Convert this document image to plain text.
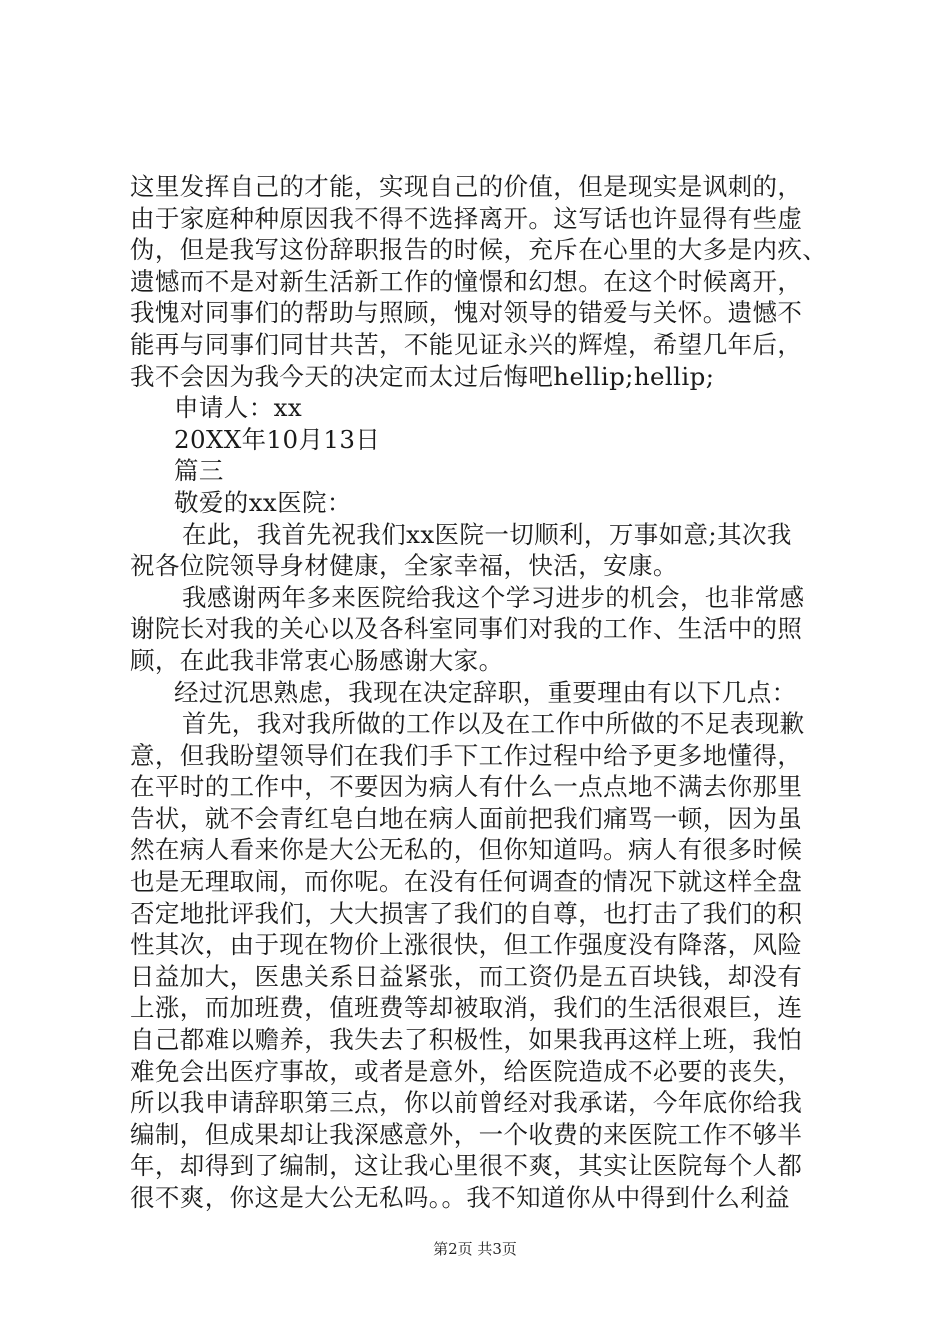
这里发挥自己的才能，实现自己的价值，但是现实是讽刺的，
由于家庭种种原因我不得不选择离开。这写话也许显得有些虚
伪，但是我写这份辞职报告的时候，充斥在心里的大多是内疚、
遗憾而不是对新生活新工作的憧憬和幻想。在这个时候离开，
我愧对同事们的帮助与照顾，愧对领导的错爱与关怀。遗憾不
能再与同事们同甘共苦，不能见证永兴的辉煌，希望几年后，
我不会因为我今天的决定而太过后悔吧hellip;hellip;
申请人：xx
20XX年10月13日
篇三
敬爱的xx医院：
在此，我首先祝我们xx医院一切顺利，万事如意;其次我
祝各位院领导身材健康，全家幸福，快活，安康。
我感谢两年多来医院给我这个学习进步的机会，也非常感
谢院长对我的关心以及各科室同事们对我的工作、生活中的照
顾，在此我非常衷心肠感谢大家。
经过沉思熟虑，我现在决定辞职，重要理由有以下几点：
首先，我对我所做的工作以及在工作中所做的不足表现歉
意，但我盼望领导们在我们手下工作过程中给予更多地懂得，
在平时的工作中，不要因为病人有什么一点点地不满去你那里
告状，就不会青红皂白地在病人面前把我们痛骂一顿，因为虽
然在病人看来你是大公无私的，但你知道吗。病人有很多时候
也是无理取闹，而你呢。在没有任何调查的情况下就这样全盘
否定地批评我们，大大损害了我们的自尊，也打击了我们的积
性其次，由于现在物价上涨很快，但工作强度没有降落，风险
日益加大，医患关系日益紧张，而工资仍是五百块钱，却没有
上涨，而加班费，值班费等却被取消，我们的生活很艰巨，连
自己都难以赡养，我失去了积极性，如果我再这样上班，我怕
难免会出医疗事故，或者是意外，给医院造成不必要的丧失，
所以我申请辞职第三点，你以前曾经对我承诺，今年底你给我
编制，但成果却让我深感意外，一个收费的来医院工作不够半
年，却得到了编制，这让我心里很不爽，其实让医院每个人都
很不爽，你这是大公无私吗。。我不知道你从中得到什么利益
第2页 共3页
